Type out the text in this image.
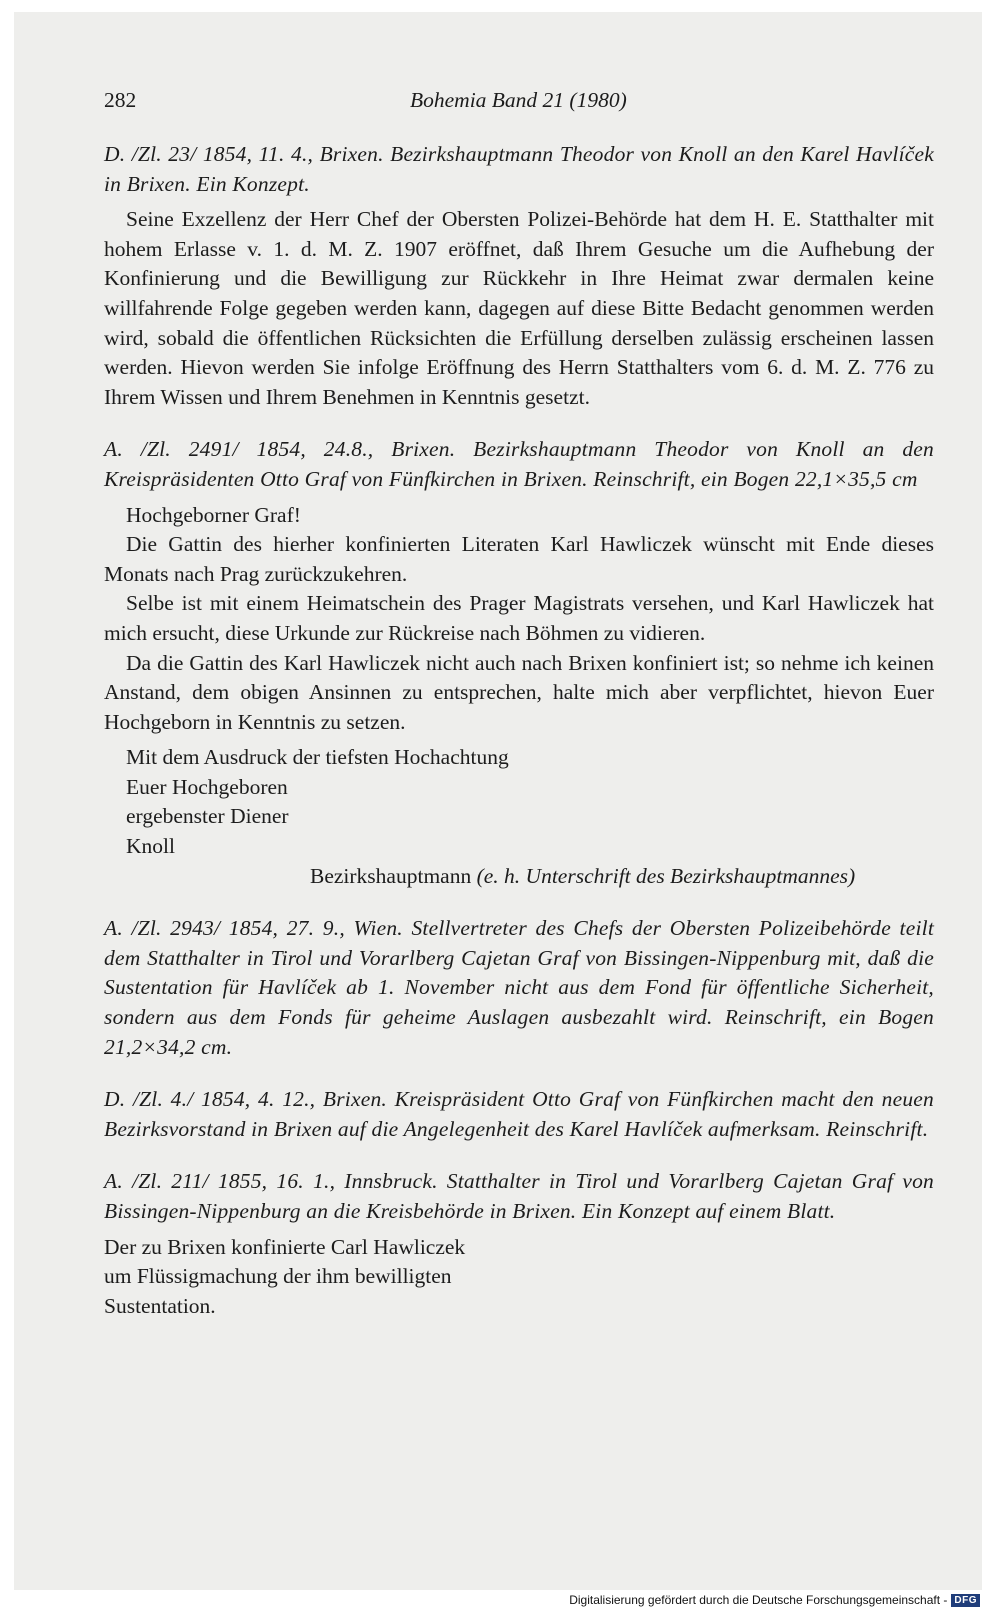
282	Bohemia Band 21 (1980)

D. /Zl. 23/ 1854, 11. 4., Brixen. Bezirkshauptmann Theodor von Knoll an den Karel Havlíček in Brixen. Ein Konzept.

Seine Exzellenz der Herr Chef der Obersten Polizei-Behörde hat dem H. E. Statthalter mit hohem Erlasse v. 1. d. M. Z. 1907 eröffnet, daß Ihrem Gesuche um die Aufhebung der Konfinierung und die Bewilligung zur Rückkehr in Ihre Heimat zwar dermalen keine willfahrende Folge gegeben werden kann, dagegen auf diese Bitte Bedacht genommen werden wird, sobald die öffentlichen Rücksichten die Erfüllung derselben zulässig erscheinen lassen werden. Hievon werden Sie infolge Eröffnung des Herrn Statthalters vom 6. d. M. Z. 776 zu Ihrem Wissen und Ihrem Benehmen in Kenntnis gesetzt.

A. /Zl. 2491/ 1854, 24.8., Brixen. Bezirkshauptmann Theodor von Knoll an den Kreispräsidenten Otto Graf von Fünfkirchen in Brixen. Reinschrift, ein Bogen 22,1×35,5 cm

Hochgeborner Graf!

Die Gattin des hierher konfinierten Literaten Karl Hawliczek wünscht mit Ende dieses Monats nach Prag zurückzukehren.

Selbe ist mit einem Heimatschein des Prager Magistrats versehen, und Karl Hawliczek hat mich ersucht, diese Urkunde zur Rückreise nach Böhmen zu vidieren.

Da die Gattin des Karl Hawliczek nicht auch nach Brixen konfiniert ist; so nehme ich keinen Anstand, dem obigen Ansinnen zu entsprechen, halte mich aber verpflichtet, hievon Euer Hochgeborn in Kenntnis zu setzen.

Mit dem Ausdruck der tiefsten Hochachtung

Euer Hochgeboren

ergebenster Diener

Knoll

Bezirkshauptmann (e. h. Unterschrift des Bezirkshauptmannes)

A. /Zl. 2943/ 1854, 27. 9., Wien. Stellvertreter des Chefs der Obersten Polizeibehörde teilt dem Statthalter in Tirol und Vorarlberg Cajetan Graf von Bissingen-Nippenburg mit, daß die Sustentation für Havlíček ab 1. November nicht aus dem Fond für öffentliche Sicherheit, sondern aus dem Fonds für geheime Auslagen ausbezahlt wird. Reinschrift, ein Bogen 21,2×34,2 cm.

D. /Zl. 4./ 1854, 4. 12., Brixen. Kreispräsident Otto Graf von Fünfkirchen macht den neuen Bezirksvorstand in Brixen auf die Angelegenheit des Karel Havlíček aufmerksam. Reinschrift.

A. /Zl. 211/ 1855, 16. 1., Innsbruck. Statthalter in Tirol und Vorarlberg Cajetan Graf von Bissingen-Nippenburg an die Kreisbehörde in Brixen. Ein Konzept auf einem Blatt.

Der zu Brixen konfinierte Carl Hawliczek

um Flüssigmachung der ihm bewilligten

Sustentation.

Digitalisierung gefördert durch die Deutsche Forschungsgemeinschaft - DFG
